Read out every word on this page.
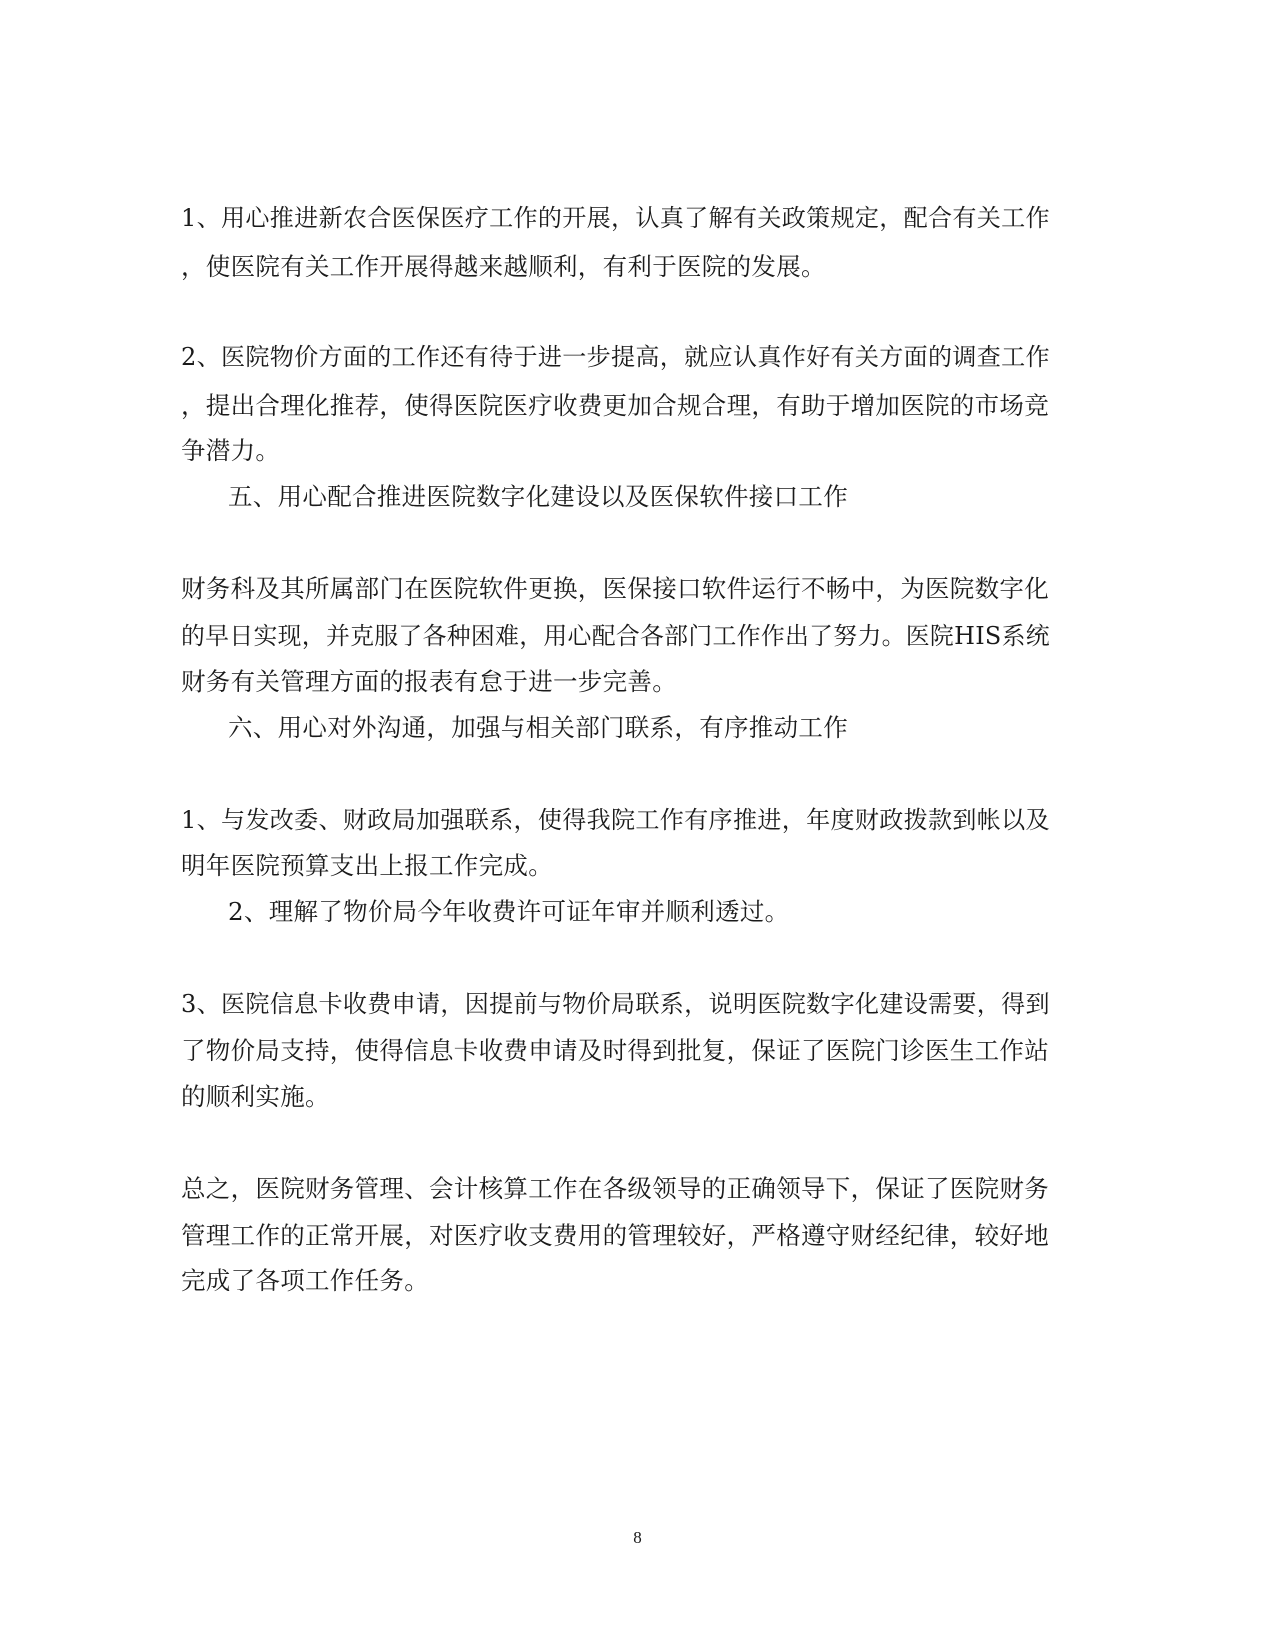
1、用心推进新农合医保医疗工作的开展，认真了解有关政策规定，配合有关工作
，使医院有关工作开展得越来越顺利，有利于医院的发展。
2、医院物价方面的工作还有待于进一步提高，就应认真作好有关方面的调查工作
，提出合理化推荐，使得医院医疗收费更加合规合理，有助于增加医院的市场竞
争潜力。
五、用心配合推进医院数字化建设以及医保软件接口工作
财务科及其所属部门在医院软件更换，医保接口软件运行不畅中，为医院数字化
的早日实现，并克服了各种困难，用心配合各部门工作作出了努力。医院HIS系统
财务有关管理方面的报表有怠于进一步完善。
六、用心对外沟通，加强与相关部门联系，有序推动工作
1、与发改委、财政局加强联系，使得我院工作有序推进，年度财政拨款到帐以及
明年医院预算支出上报工作完成。
2、理解了物价局今年收费许可证年审并顺利透过。
3、医院信息卡收费申请，因提前与物价局联系，说明医院数字化建设需要，得到
了物价局支持，使得信息卡收费申请及时得到批复，保证了医院门诊医生工作站
的顺利实施。
总之，医院财务管理、会计核算工作在各级领导的正确领导下，保证了医院财务
管理工作的正常开展，对医疗收支费用的管理较好，严格遵守财经纪律，较好地
完成了各项工作任务。
8
